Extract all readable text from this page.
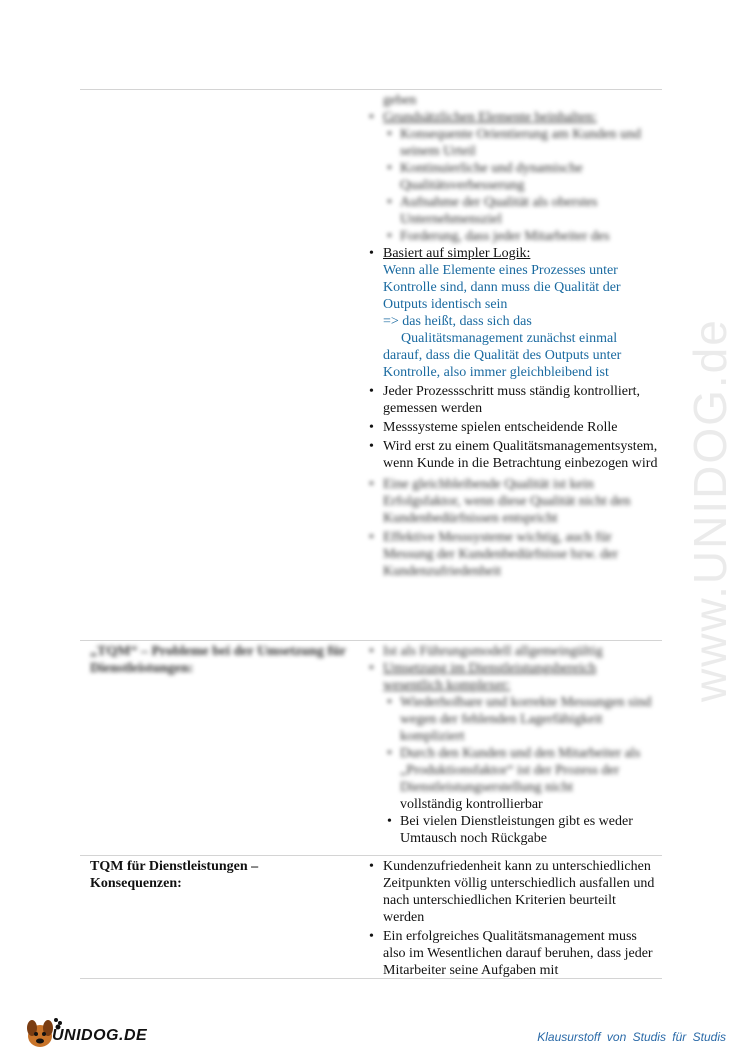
www.UNIDOG.de
geben
• Grundsätzlichen Elemente beinhalten:
• Konsequente Orientierung am Kunden und seinem Urteil
• Kontinuierliche und dynamische Qualitätsverbesserung
• Aufnahme der Qualität als oberstes Unternehmensziel
• Forderung, dass jeder Mitarbeiter des
• Basiert auf simpler Logik:
Wenn alle Elemente eines Prozesses unter Kontrolle sind, dann muss die Qualität der Outputs identisch sein
=> das heißt, dass sich das Qualitätsmanagement zunächst einmal darauf, dass die Qualität des Outputs unter Kontrolle, also immer gleichbleibend ist
• Jeder Prozessschritt muss ständig kontrolliert, gemessen werden
• Messsysteme spielen entscheidende Rolle
• Wird erst zu einem Qualitätsmanagementsystem, wenn Kunde in die Betrachtung einbezogen wird
• Eine gleichbleibende Qualität ist kein Erfolgsfaktor, wenn diese Qualität nicht den Kundenbedürfnissen entspricht
• Effektive Messsysteme wichtig, auch für Messung der Kundenbedürfnisse bzw. der Kundenzufriedenheit
„TQM“ – Probleme bei der Umsetzung für Dienstleistungen:
• Ist als Führungsmodell allgemeingültig
• Umsetzung im Dienstleistungsbereich wesentlich komplexer:
• Wiederholbare und korrekte Messungen sind wegen der fehlenden Lagerfähigkeit kompliziert
• Durch den Kunden und den Mitarbeiter als „Produktionsfaktor“ ist der Prozess der Dienstleistungserstellung nicht
vollständig kontrollierbar
• Bei vielen Dienstleistungen gibt es weder Umtausch noch Rückgabe
TQM für Dienstleistungen – Konsequenzen:
• Kundenzufriedenheit kann zu unterschiedlichen Zeitpunkten völlig unterschiedlich ausfallen und nach unterschiedlichen Kriterien beurteilt werden
• Ein erfolgreiches Qualitätsmanagement muss also im Wesentlichen darauf beruhen, dass jeder Mitarbeiter seine Aufgaben mit
UNIDOG.DE	Klausurstoff von Studis für Studis
